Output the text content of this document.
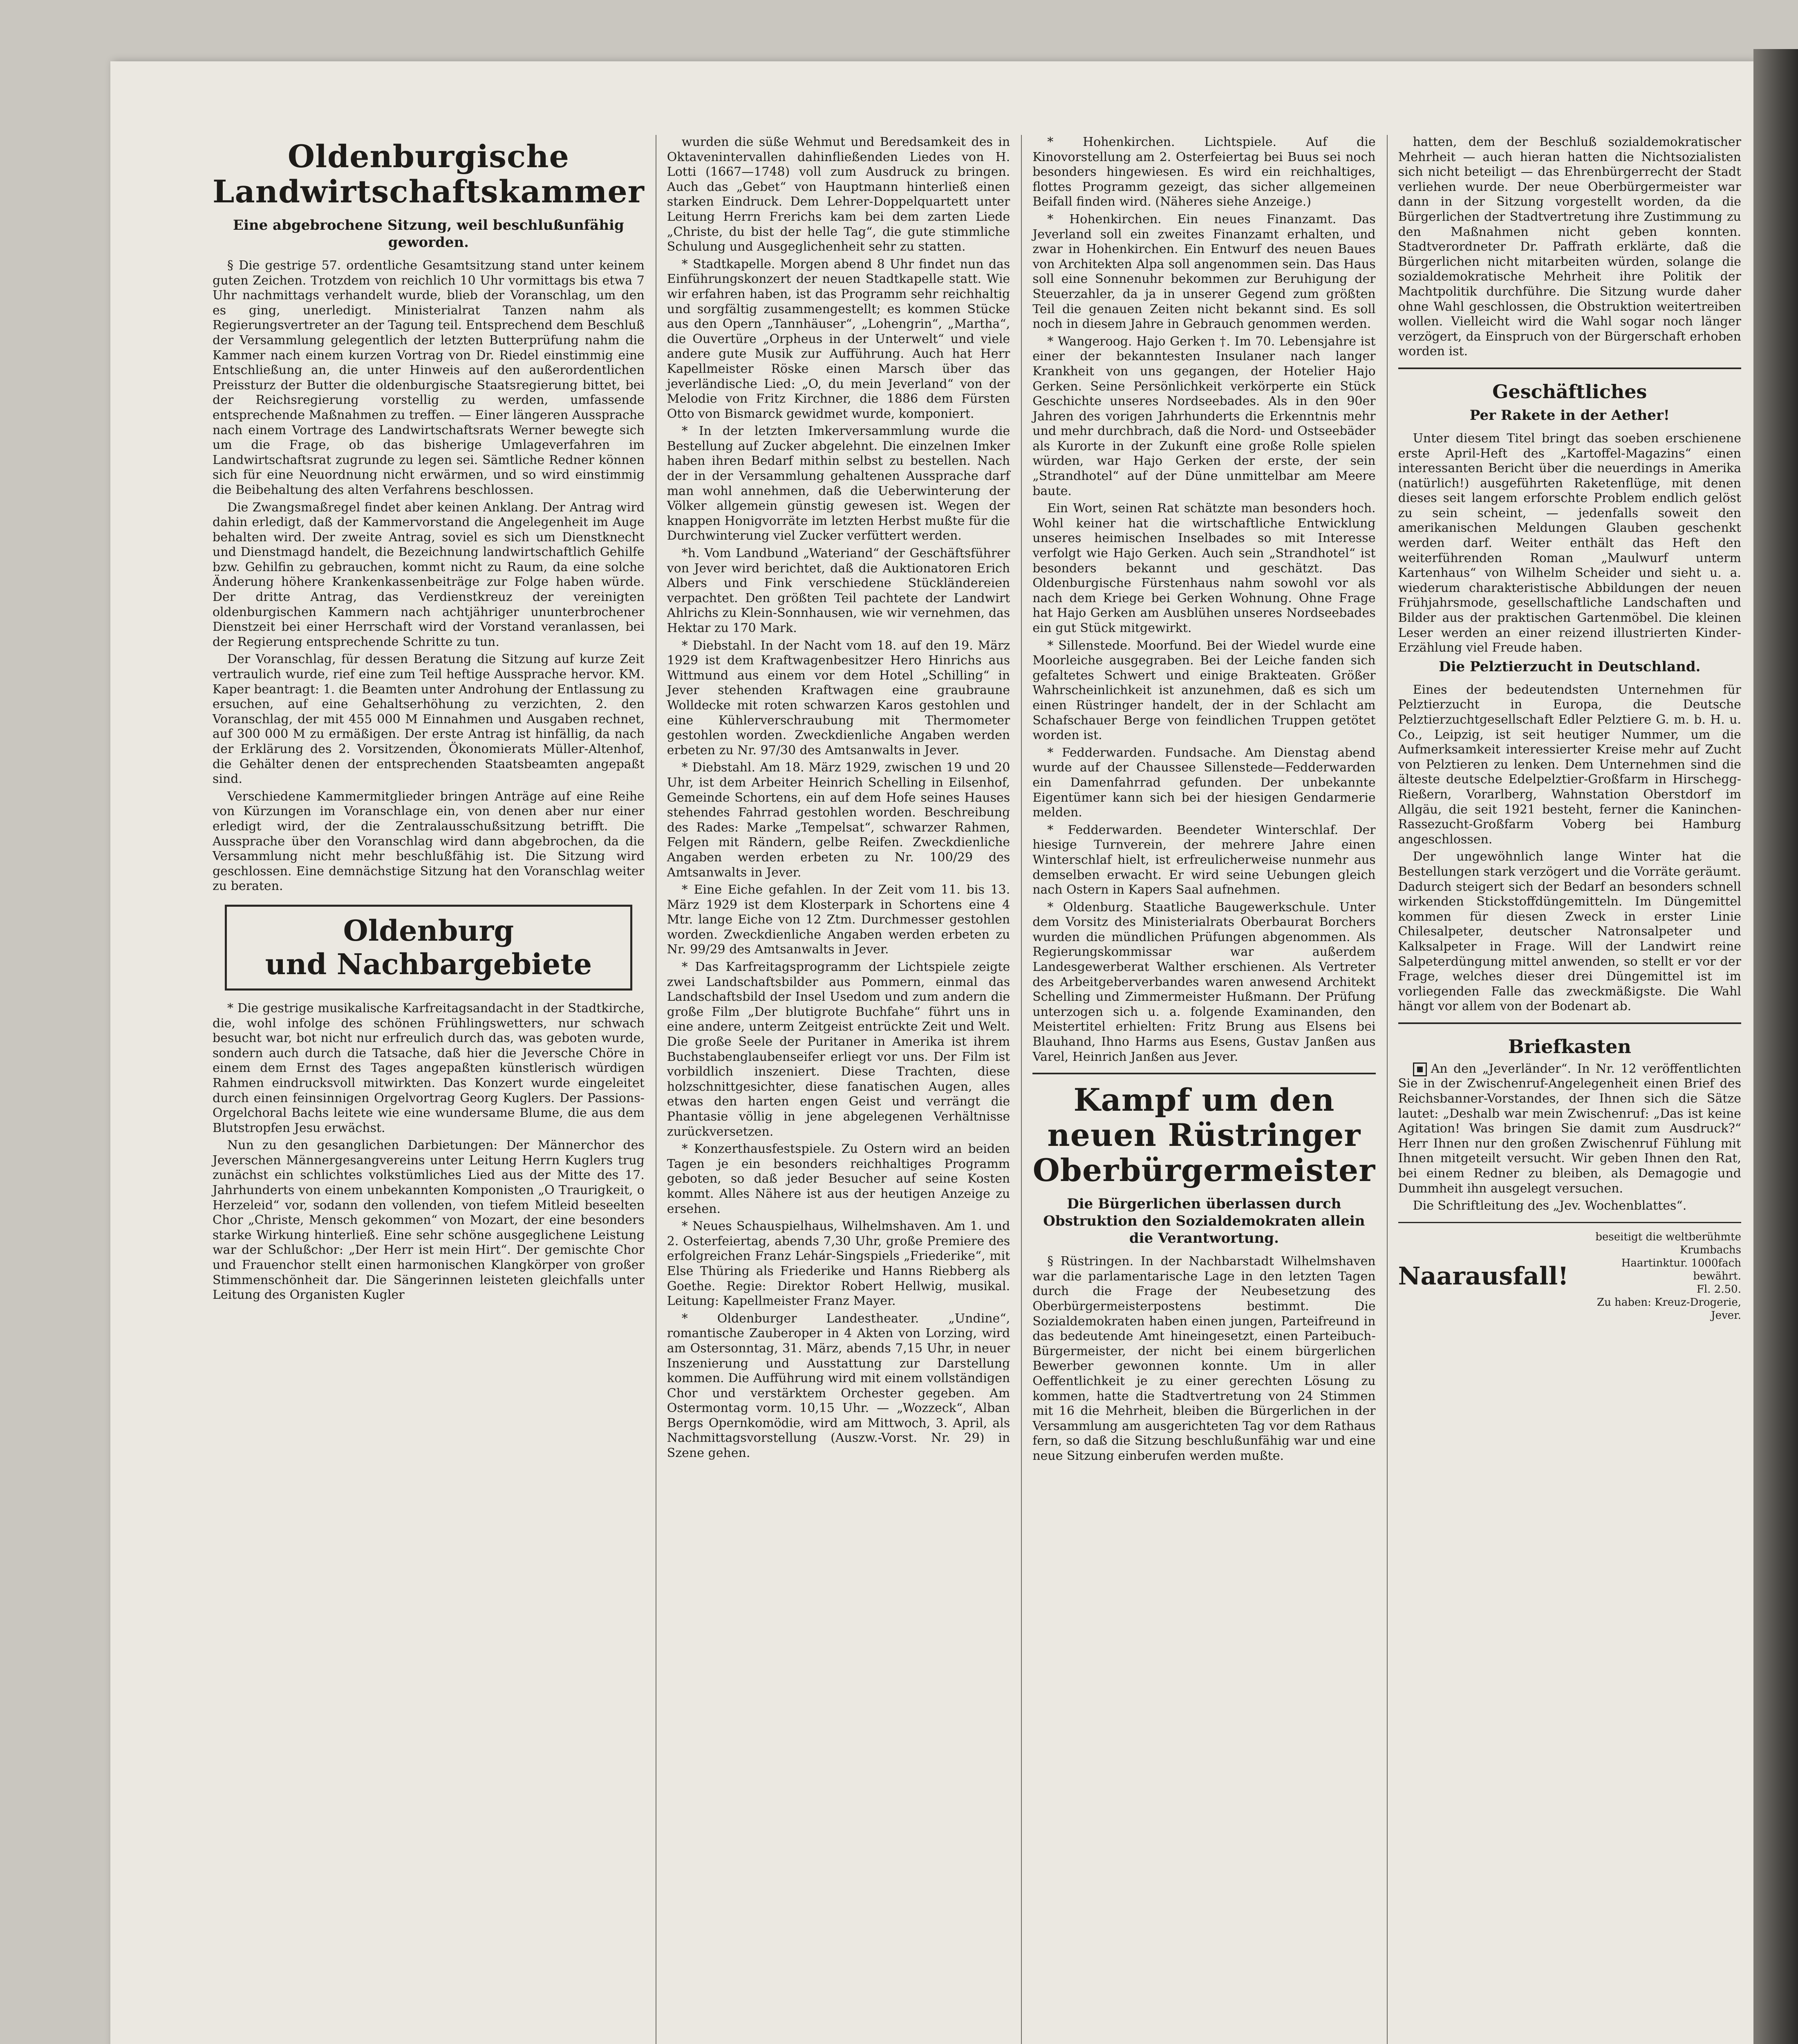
Oldenburgische Landwirtschaftskammer
Eine abgebrochene Sitzung, weil beschlußunfähig geworden.

§ Die gestrige 57. ordentliche Gesamtsitzung stand unter keinem guten Zeichen. Trotzdem von reichlich 10 Uhr vormittags bis etwa 7 Uhr nachmittags verhandelt wurde, blieb der Voranschlag, um den es ging, unerledigt. Ministerialrat Tanzen nahm als Regierungsvertreter an der Tagung teil. Entsprechend dem Beschluß der Versammlung gelegentlich der letzten Butterprüfung nahm die Kammer nach einem kurzen Vortrag von Dr. Riedel einstimmig eine Entschließung an, die unter Hinweis auf den außerordentlichen Preissturz der Butter die oldenburgische Staatsregierung bittet, bei der Reichsregierung vorstellig zu werden, umfassende entsprechende Maßnahmen zu treffen. — Einer längeren Aussprache nach einem Vortrage des Landwirtschaftsrats Werner bewegte sich um die Frage, ob das bisherige Umlageverfahren im Landwirtschaftsrat zugrunde zu legen sei. Sämtliche Redner können sich für eine Neuordnung nicht erwärmen, und so wird einstimmig die Beibehaltung des alten Verfahrens beschlossen.

Die Zwangsmaßregel findet aber keinen Anklang. Der Antrag wird dahin erledigt, daß der Kammervorstand die Angelegenheit im Auge behalten wird. Der zweite Antrag, soviel es sich um Dienstknecht und Dienstmagd handelt, die Bezeichnung landwirtschaftlich Gehilfe bzw. Gehilfin zu gebrauchen, kommt nicht zu Raum, da eine solche Änderung höhere Krankenkassenbeiträge zur Folge haben würde. Der dritte Antrag, das Verdienstkreuz der vereinigten oldenburgischen Kammern nach achtjähriger ununterbrochener Dienstzeit bei einer Herrschaft wird der Vorstand veranlassen, bei der Regierung entsprechende Schritte zu tun.

Der Voranschlag, für dessen Beratung die Sitzung auf kurze Zeit vertraulich wurde, rief eine zum Teil heftige Aussprache hervor. KM. Kaper beantragt: 1. die Beamten unter Androhung der Entlassung zu ersuchen, auf eine Gehaltserhöhung zu verzichten, 2. den Voranschlag, der mit 455 000 M Einnahmen und Ausgaben rechnet, auf 300 000 M zu ermäßigen. Der erste Antrag ist hinfällig, da nach der Erklärung des 2. Vorsitzenden, Ökonomierats Müller-Altenhof, die Gehälter denen der entsprechenden Staatsbeamten angepaßt sind.

Verschiedene Kammermitglieder bringen Anträge auf eine Reihe von Kürzungen im Voranschlage ein, von denen aber nur einer erledigt wird, der die Zentralausschußsitzung betrifft. Die Aussprache über den Voranschlag wird dann abgebrochen, da die Versammlung nicht mehr beschlußfähig ist. Die Sitzung wird geschlossen. Eine demnächstige Sitzung hat den Voranschlag weiter zu beraten.

Oldenburg
und Nachbargebiete

* Die gestrige musikalische Karfreitagsandacht in der Stadtkirche, die, wohl infolge des schönen Frühlingswetters, nur schwach besucht war, bot nicht nur erfreulich durch das, was geboten wurde, sondern auch durch die Tatsache, daß hier die Jeversche Chöre in einem dem Ernst des Tages angepaßten künstlerisch würdigen Rahmen eindrucksvoll mitwirkten. Das Konzert wurde eingeleitet durch einen feinsinnigen Orgelvortrag Georg Kuglers. Der Passions-Orgelchoral Bachs leitete wie eine wundersame Blume, die aus dem Blutstropfen Jesu erwächst.

Nun zu den gesanglichen Darbietungen: Der Männerchor des Jeverschen Männergesangvereins unter Leitung Herrn Kuglers trug zunächst ein schlichtes volkstümliches Lied aus der Mitte des 17. Jahrhunderts von einem unbekannten Komponisten „O Traurigkeit, o Herzeleid“ vor, sodann den vollenden, von tiefem Mitleid beseelten Chor „Christe, Mensch gekommen“ von Mozart, der eine besonders starke Wirkung hinterließ. Eine sehr schöne ausgeglichene Leistung war der Schlußchor: „Der Herr ist mein Hirt“. Der gemischte Chor und Frauenchor stellt einen harmonischen Klangkörper von großer Stimmenschönheit dar. Die Sängerinnen leisteten gleichfalls unter Leitung des Organisten Kugler

wurden die süße Wehmut und Beredsamkeit des in Oktavenintervallen dahinfließenden Liedes von H. Lotti (1667—1748) voll zum Ausdruck zu bringen. Auch das „Gebet“ von Hauptmann hinterließ einen starken Eindruck. Dem Lehrer-Doppelquartett unter Leitung Herrn Frerichs kam bei dem zarten Liede „Christe, du bist der helle Tag“, die gute stimmliche Schulung und Ausgeglichenheit sehr zu statten.

* Stadtkapelle. Morgen abend 8 Uhr findet nun das Einführungskonzert der neuen Stadtkapelle statt. Wie wir erfahren haben, ist das Programm sehr reichhaltig und sorgfältig zusammengestellt; es kommen Stücke aus den Opern „Tannhäuser“, „Lohengrin“, „Martha“, die Ouvertüre „Orpheus in der Unterwelt“ und viele andere gute Musik zur Aufführung. Auch hat Herr Kapellmeister Röske einen Marsch über das jeverländische Lied: „O, du mein Jeverland“ von der Melodie von Fritz Kirchner, die 1886 dem Fürsten Otto von Bismarck gewidmet wurde, komponiert.

* In der letzten Imkerversammlung wurde die Bestellung auf Zucker abgelehnt. Die einzelnen Imker haben ihren Bedarf mithin selbst zu bestellen. Nach der in der Versammlung gehaltenen Aussprache darf man wohl annehmen, daß die Ueberwinterung der Völker allgemein günstig gewesen ist. Wegen der knappen Honigvorräte im letzten Herbst mußte für die Durchwinterung viel Zucker verfüttert werden.

*h. Vom Landbund „Wateriand“ der Geschäftsführer von Jever wird berichtet, daß die Auktionatoren Erich Albers und Fink verschiedene Stückländereien verpachtet. Den größten Teil pachtete der Landwirt Ahlrichs zu Klein-Sonnhausen, wie wir vernehmen, das Hektar zu 170 Mark.

* Diebstahl. In der Nacht vom 18. auf den 19. März 1929 ist dem Kraftwagenbesitzer Hero Hinrichs aus Wittmund aus einem vor dem Hotel „Schilling“ in Jever stehenden Kraftwagen eine graubraune Wolldecke mit roten schwarzen Karos gestohlen und eine Kühlerverschraubung mit Thermometer gestohlen worden. Zweckdienliche Angaben werden erbeten zu Nr. 97/30 des Amtsanwalts in Jever.

* Diebstahl. Am 18. März 1929, zwischen 19 und 20 Uhr, ist dem Arbeiter Heinrich Schelling in Eilsenhof, Gemeinde Schortens, ein auf dem Hofe seines Hauses stehendes Fahrrad gestohlen worden. Beschreibung des Rades: Marke „Tempelsat“, schwarzer Rahmen, Felgen mit Rändern, gelbe Reifen. Zweckdienliche Angaben werden erbeten zu Nr. 100/29 des Amtsanwalts in Jever.

* Eine Eiche gefahlen. In der Zeit vom 11. bis 13. März 1929 ist dem Klosterpark in Schortens eine 4 Mtr. lange Eiche von 12 Ztm. Durchmesser gestohlen worden. Zweckdienliche Angaben werden erbeten zu Nr. 99/29 des Amtsanwalts in Jever.

* Das Karfreitagsprogramm der Lichtspiele zeigte zwei Landschaftsbilder aus Pommern, einmal das Landschaftsbild der Insel Usedom und zum andern die große Film „Der blutigrote Buchfahe“ führt uns in eine andere, unterm Zeitgeist entrückte Zeit und Welt. Die große Seele der Puritaner in Amerika ist ihrem Buchstabenglaubenseifer erliegt vor uns. Der Film ist vorbildlich inszeniert. Diese Trachten, diese holzschnittgesichter, diese fanatischen Augen, alles etwas den harten engen Geist und verrängt die Phantasie völlig in jene abgelegenen Verhältnisse zurückversetzen.

* Konzerthausfestspiele. Zu Ostern wird an beiden Tagen je ein besonders reichhaltiges Programm geboten, so daß jeder Besucher auf seine Kosten kommt. Alles Nähere ist aus der heutigen Anzeige zu ersehen.

* Neues Schauspielhaus, Wilhelmshaven. Am 1. und 2. Osterfeiertag, abends 7,30 Uhr, große Premiere des erfolgreichen Franz Lehár-Singspiels „Friederike“, mit Else Thüring als Friederike und Hanns Riebberg als Goethe. Regie: Direktor Robert Hellwig, musikal. Leitung: Kapellmeister Franz Mayer.

* Oldenburger Landestheater. „Undine“, romantische Zauberoper in 4 Akten von Lorzing, wird am Ostersonntag, 31. März, abends 7,15 Uhr, in neuer Inszenierung und Ausstattung zur Darstellung kommen. Die Aufführung wird mit einem vollständigen Chor und verstärktem Orchester gegeben. Am Ostermontag vorm. 10,15 Uhr. — „Wozzeck“, Alban Bergs Opernkomödie, wird am Mittwoch, 3. April, als Nachmittagsvorstellung (Auszw.-Vorst. Nr. 29) in Szene gehen.

* Hohenkirchen. Lichtspiele. Auf die Kinovorstellung am 2. Osterfeiertag bei Buus sei noch besonders hingewiesen. Es wird ein reichhaltiges, flottes Programm gezeigt, das sicher allgemeinen Beifall finden wird. (Näheres siehe Anzeige.)

* Hohenkirchen. Ein neues Finanzamt. Das Jeverland soll ein zweites Finanzamt erhalten, und zwar in Hohenkirchen. Ein Entwurf des neuen Baues von Architekten Alpa soll angenommen sein. Das Haus soll eine Sonnenuhr bekommen zur Beruhigung der Steuerzahler, da ja in unserer Gegend zum größten Teil die genauen Zeiten nicht bekannt sind. Es soll noch in diesem Jahre in Gebrauch genommen werden.

* Wangeroog. Hajo Gerken †. Im 70. Lebensjahre ist einer der bekanntesten Insulaner nach langer Krankheit von uns gegangen, der Hotelier Hajo Gerken. Seine Persönlichkeit verkörperte ein Stück Geschichte unseres Nordseebades. Als in den 90er Jahren des vorigen Jahrhunderts die Erkenntnis mehr und mehr durchbrach, daß die Nord- und Ostseebäder als Kurorte in der Zukunft eine große Rolle spielen würden, war Hajo Gerken der erste, der sein „Strandhotel“ auf der Düne unmittelbar am Meere baute.

Ein Wort, seinen Rat schätzte man besonders hoch. Wohl keiner hat die wirtschaftliche Entwicklung unseres heimischen Inselbades so mit Interesse verfolgt wie Hajo Gerken. Auch sein „Strandhotel“ ist besonders bekannt und geschätzt. Das Oldenburgische Fürstenhaus nahm sowohl vor als nach dem Kriege bei Gerken Wohnung. Ohne Frage hat Hajo Gerken am Ausblühen unseres Nordseebades ein gut Stück mitgewirkt.

* Sillenstede. Moorfund. Bei der Wiedel wurde eine Moorleiche ausgegraben. Bei der Leiche fanden sich gefaltetes Schwert und einige Brakteaten. Größer Wahrscheinlichkeit ist anzunehmen, daß es sich um einen Rüstringer handelt, der in der Schlacht am Schafschauer Berge von feindlichen Truppen getötet worden ist.

* Fedderwarden. Fundsache. Am Dienstag abend wurde auf der Chaussee Sillenstede—Fedderwarden ein Damenfahrrad gefunden. Der unbekannte Eigentümer kann sich bei der hiesigen Gendarmerie melden.

* Fedderwarden. Beendeter Winterschlaf. Der hiesige Turnverein, der mehrere Jahre einen Winterschlaf hielt, ist erfreulicherweise nunmehr aus demselben erwacht. Er wird seine Uebungen gleich nach Ostern in Kapers Saal aufnehmen.

* Oldenburg. Staatliche Baugewerkschule. Unter dem Vorsitz des Ministerialrats Oberbaurat Borchers wurden die mündlichen Prüfungen abgenommen. Als Regierungskommissar war außerdem Landesgewerberat Walther erschienen. Als Vertreter des Arbeitgeberverbandes waren anwesend Architekt Schelling und Zimmermeister Hußmann. Der Prüfung unterzogen sich u. a. folgende Examinanden, den Meistertitel erhielten: Fritz Brung aus Elsens bei Blauhand, Ihno Harms aus Esens, Gustav Janßen aus Varel, Heinrich Janßen aus Jever.

Kampf um den neuen Rüstringer Oberbürgermeister
Die Bürgerlichen überlassen durch Obstruktion den Sozialdemokraten allein die Verantwortung.

§ Rüstringen. In der Nachbarstadt Wilhelmshaven war die parlamentarische Lage in den letzten Tagen durch die Frage der Neubesetzung des Oberbürgermeisterpostens bestimmt. Die Sozialdemokraten haben einen jungen, Parteifreund in das bedeutende Amt hineingesetzt, einen Parteibuch-Bürgermeister, der nicht bei einem bürgerlichen Bewerber gewonnen konnte. Um in aller Oeffentlichkeit je zu einer gerechten Lösung zu kommen, hatte die Stadtvertretung von 24 Stimmen mit 16 die Mehrheit, bleiben die Bürgerlichen in der Versammlung am ausgerichteten Tag vor dem Rathaus fern, so daß die Sitzung beschlußunfähig war und eine neue Sitzung einberufen werden mußte.

hatten, dem der Beschluß sozialdemokratischer Mehrheit — auch hieran hatten die Nichtsozialisten sich nicht beteiligt — das Ehrenbürgerrecht der Stadt verliehen wurde. Der neue Oberbürgermeister war dann in der Sitzung vorgestellt worden, da die Bürgerlichen der Stadtvertretung ihre Zustimmung zu den Maßnahmen nicht geben konnten. Stadtverordneter Dr. Paffrath erklärte, daß die Bürgerlichen nicht mitarbeiten würden, solange die sozialdemokratische Mehrheit ihre Politik der Machtpolitik durchführe. Die Sitzung wurde daher ohne Wahl geschlossen, die Obstruktion weitertreiben wollen. Vielleicht wird die Wahl sogar noch länger verzögert, da Einspruch von der Bürgerschaft erhoben worden ist.

Geschäftliches
Per Rakete in der Aether!

Unter diesem Titel bringt das soeben erschienene erste April-Heft des „Kartoffel-Magazins“ einen interessanten Bericht über die neuerdings in Amerika (natürlich!) ausgeführten Raketenflüge, mit denen dieses seit langem erforschte Problem endlich gelöst zu sein scheint, — jedenfalls soweit den amerikanischen Meldungen Glauben geschenkt werden darf. Weiter enthält das Heft den weiterführenden Roman „Maulwurf unterm Kartenhaus“ von Wilhelm Scheider und sieht u. a. wiederum charakteristische Abbildungen der neuen Frühjahrsmode, gesellschaftliche Landschaften und Bilder aus der praktischen Gartenmöbel. Die kleinen Leser werden an einer reizend illustrierten Kinder-Erzählung viel Freude haben.

Die Pelztierzucht in Deutschland.

Eines der bedeutendsten Unternehmen für Pelztierzucht in Europa, die Deutsche Pelztierzuchtgesellschaft Edler Pelztiere G. m. b. H. u. Co., Leipzig, ist seit heutiger Nummer, um die Aufmerksamkeit interessierter Kreise mehr auf Zucht von Pelztieren zu lenken. Dem Unternehmen sind die älteste deutsche Edelpelztier-Großfarm in Hirschegg-Rießern, Vorarlberg, Wahnstation Oberstdorf im Allgäu, die seit 1921 besteht, ferner die Kaninchen-Rassezucht-Großfarm Voberg bei Hamburg angeschlossen.

Der ungewöhnlich lange Winter hat die Bestellungen stark verzögert und die Vorräte geräumt. Dadurch steigert sich der Bedarf an besonders schnell wirkenden Stickstoffdüngemitteln. Im Düngemittel kommen für diesen Zweck in erster Linie Chilesalpeter, deutscher Natronsalpeter und Kalksalpeter in Frage. Will der Landwirt reine Salpeterdüngung mittel anwenden, so stellt er vor der Frage, welches dieser drei Düngemittel ist im vorliegenden Falle das zweckmäßigste. Die Wahl hängt vor allem von der Bodenart ab.

Briefkasten

An den „Jeverländer“. In Nr. 12 veröffentlichten Sie in der Zwischenruf-Angelegenheit einen Brief des Reichsbanner-Vorstandes, der Ihnen sich die Sätze lautet: „Deshalb war mein Zwischenruf: „Das ist keine Agitation! Was bringen Sie damit zum Ausdruck?“ Herr Ihnen nur den großen Zwischenruf Fühlung mit Ihnen mitgeteilt versucht. Wir geben Ihnen den Rat, bei einem Redner zu bleiben, als Demagogie und Dummheit ihn ausgelegt versuchen.

Die Schriftleitung des „Jev. Wochenblattes“.

Naarausfall!
beseitigt die weltberühmte Krumbachs
Haartinktur. 1000fach bewährt.
Fl. 2.50.
Zu haben: Kreuz-Drogerie, Jever.
